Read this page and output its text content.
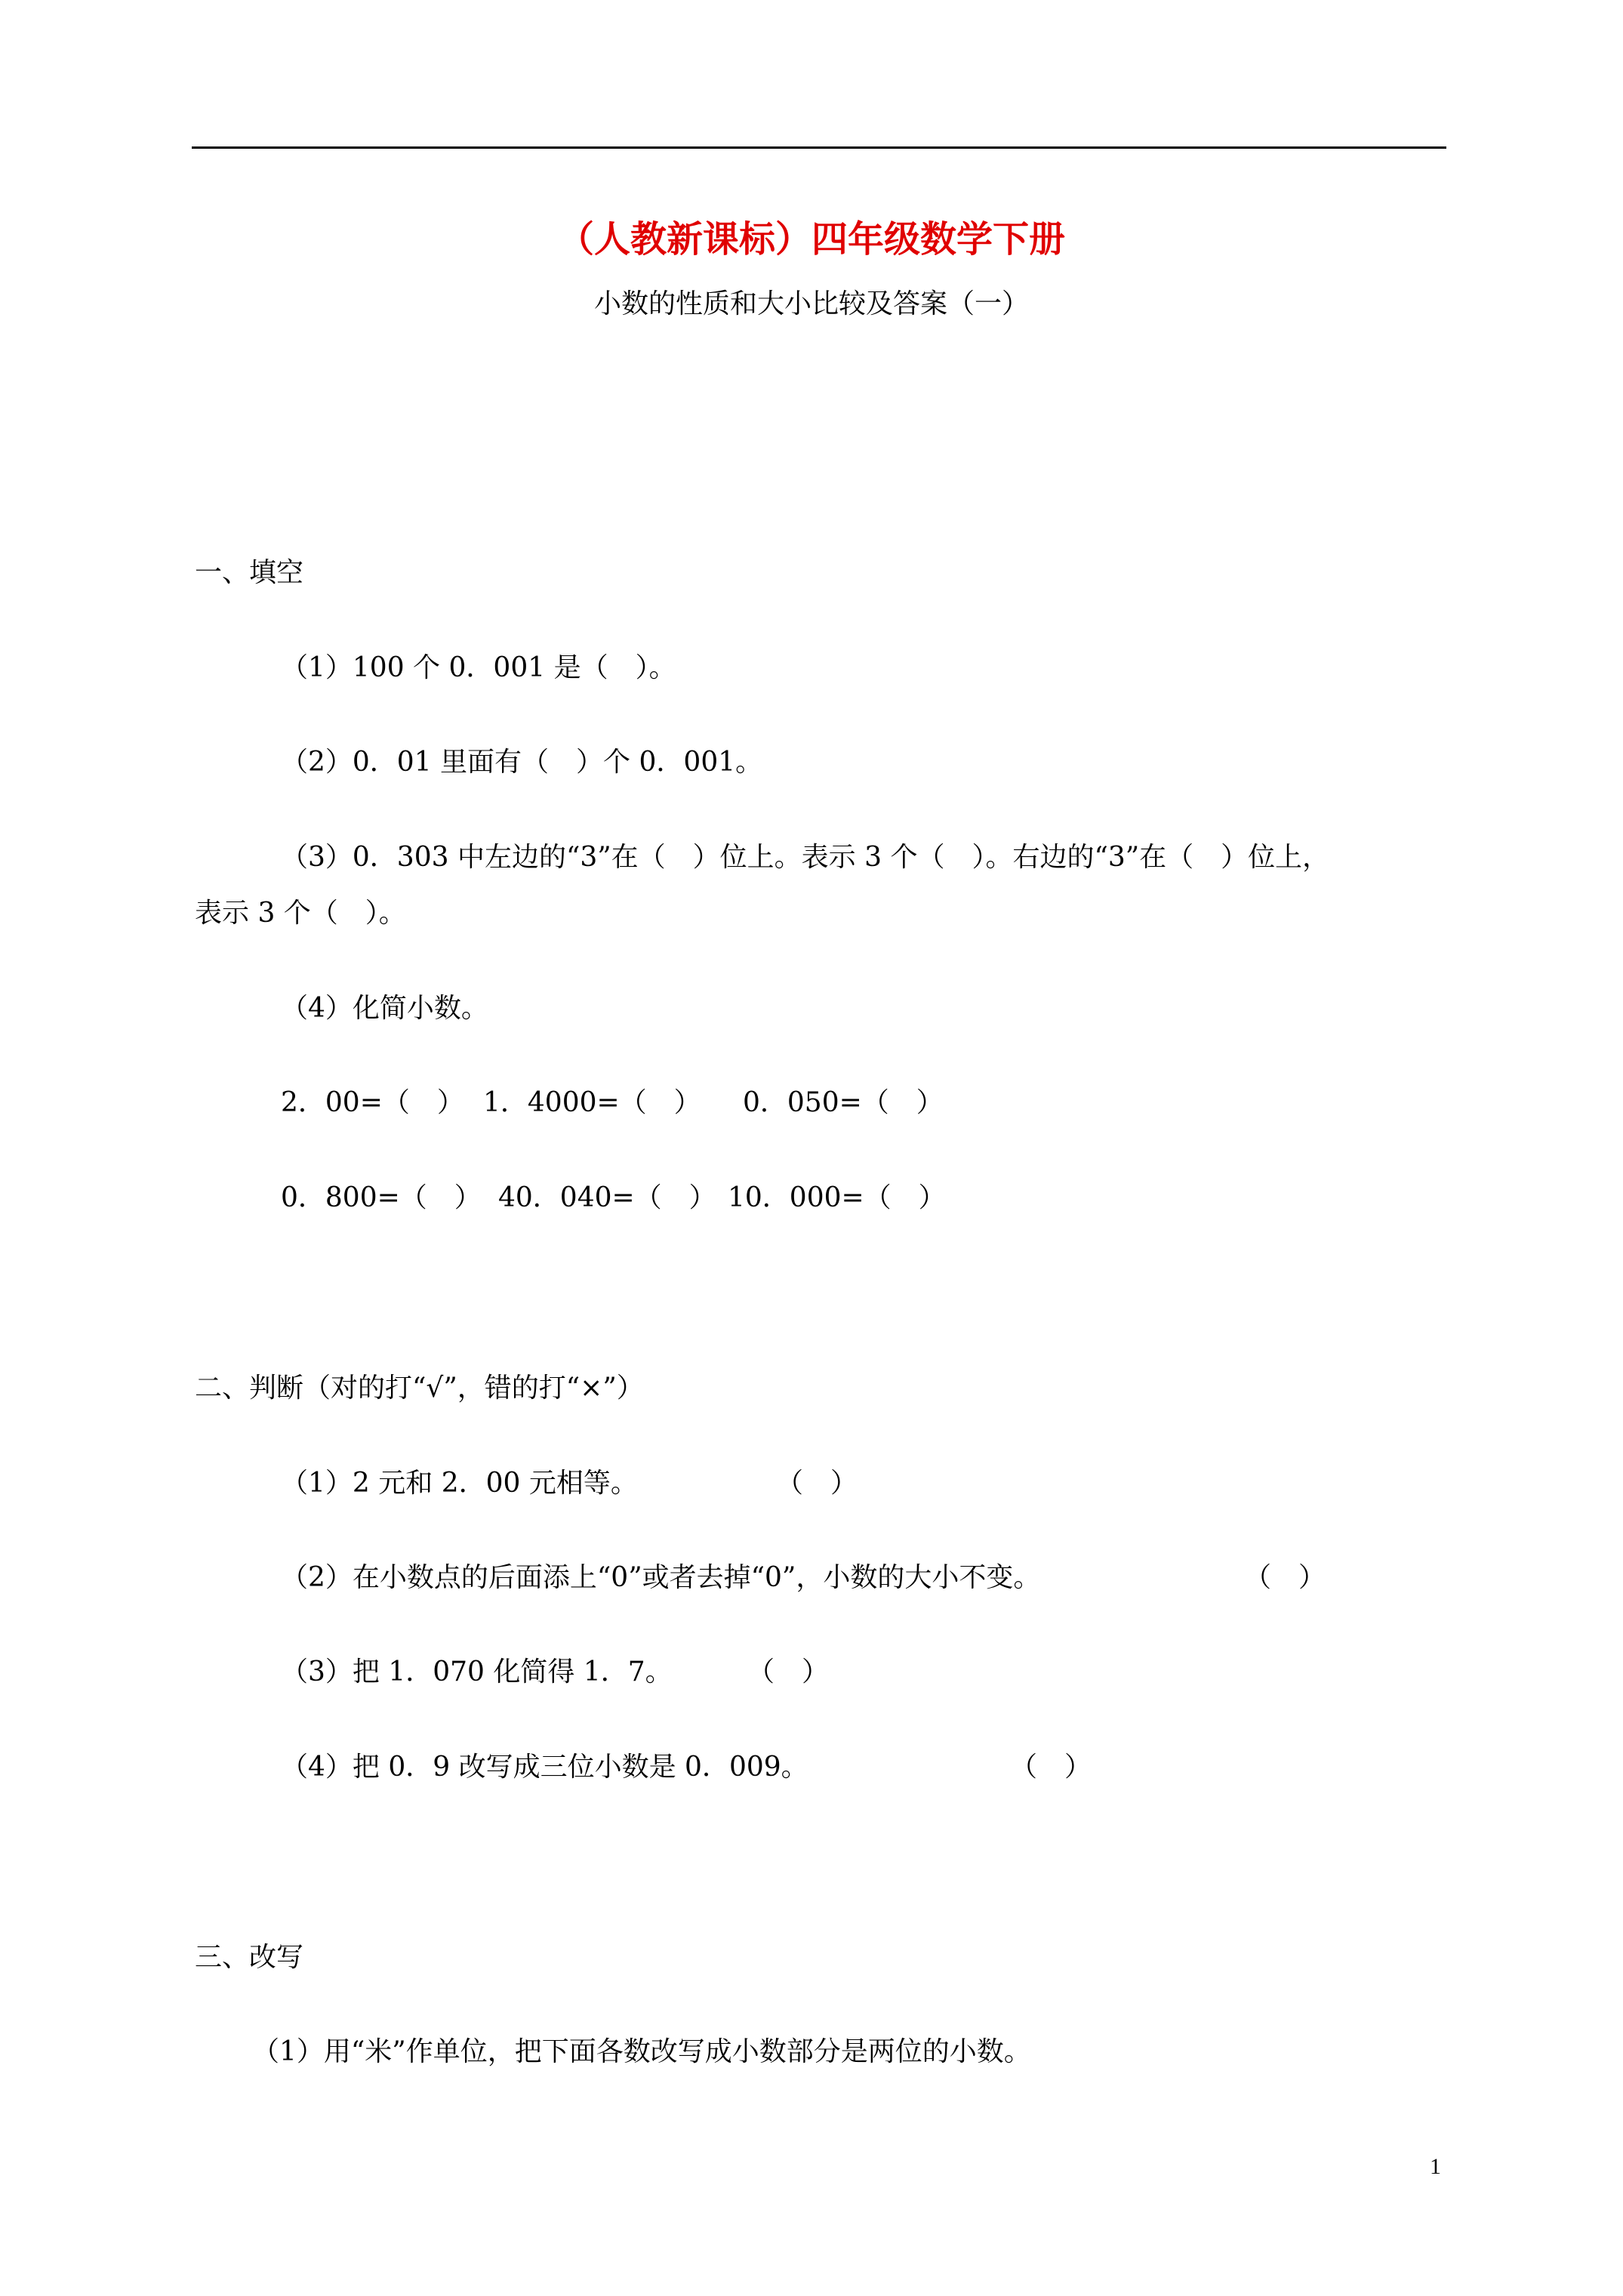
（人教新课标）四年级数学下册
小数的性质和大小比较及答案（一）
一、填空
（1）100 个 0．001 是（　）。
（2）0．01 里面有（　）个 0．001。
（3）0．303 中左边的“3”在（　）位上。表示 3 个（　）。右边的“3”在（　）位上，
表示 3 个（　）。
（4）化简小数。
2．00=（　） 1．4000=（　） 0．050=（　）
0．800=（　） 40．040=（　） 10．000=（　）
二、判断（对的打“√”，错的打“×”）
（1）2 元和 2．00 元相等。	（　）
（2）在小数点的后面添上“0”或者去掉“0”，小数的大小不变。	（　）
（3）把 1．070 化简得 1．7。	（　）
（4）把 0．9 改写成三位小数是 0．009。	（　）
三、改写
（1）用“米”作单位，把下面各数改写成小数部分是两位的小数。
1
